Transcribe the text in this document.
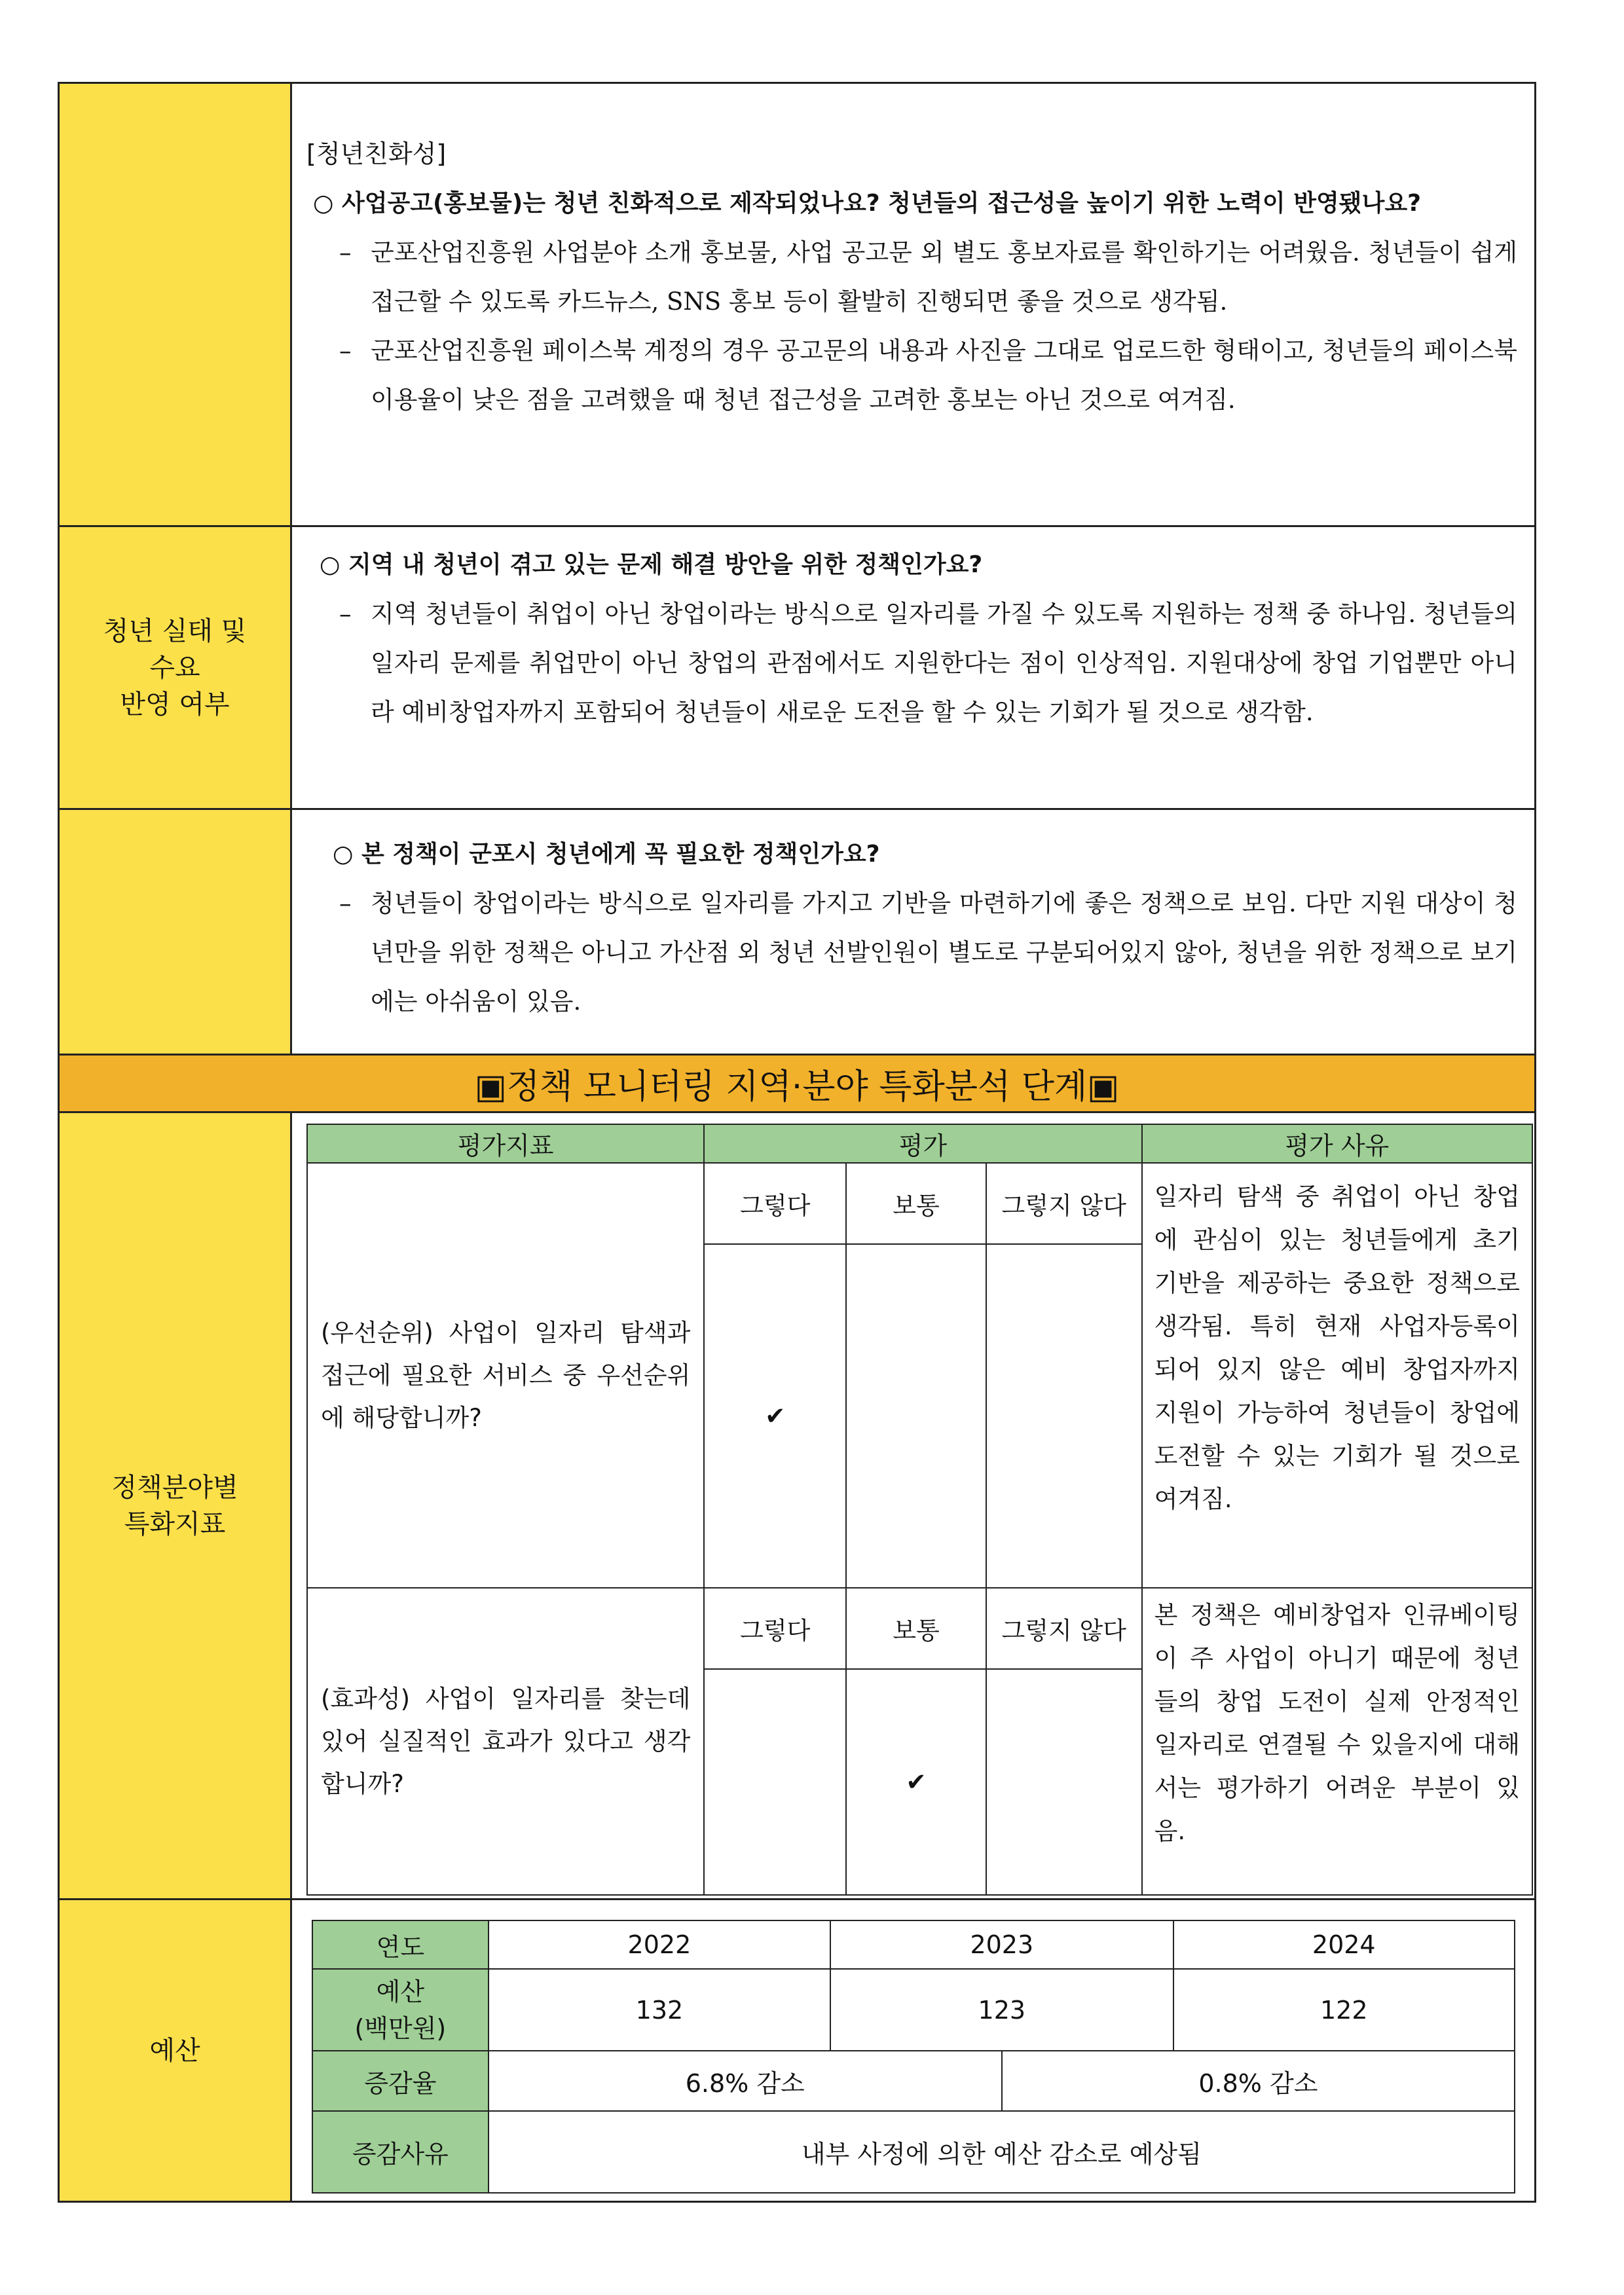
[청년친화성]
○ 사업공고(홍보물)는 청년 친화적으로 제작되었나요? 청년들의 접근성을 높이기 위한 노력이 반영됐나요?
– 군포산업진흥원 사업분야 소개 홍보물, 사업 공고문 외 별도 홍보자료를 확인하기는 어려웠음. 청년들이 쉽게 접근할 수 있도록 카드뉴스, SNS 홍보 등이 활발히 진행되면 좋을 것으로 생각됨.
– 군포산업진흥원 페이스북 계정의 경우 공고문의 내용과 사진을 그대로 업로드한 형태이고, 청년들의 페이스북 이용율이 낮은 점을 고려했을 때 청년 접근성을 고려한 홍보는 아닌 것으로 여겨짐.
청년 실태 및
수요
반영 여부
○ 지역 내 청년이 겪고 있는 문제 해결 방안을 위한 정책인가요?
– 지역 청년들이 취업이 아닌 창업이라는 방식으로 일자리를 가질 수 있도록 지원하는 정책 중 하나임. 청년들의 일자리 문제를 취업만이 아닌 창업의 관점에서도 지원한다는 점이 인상적임. 지원대상에 창업 기업뿐만 아니라 예비창업자까지 포함되어 청년들이 새로운 도전을 할 수 있는 기회가 될 것으로 생각함.
○ 본 정책이 군포시 청년에게 꼭 필요한 정책인가요?
– 청년들이 창업이라는 방식으로 일자리를 가지고 기반을 마련하기에 좋은 정책으로 보임. 다만 지원 대상이 청년만을 위한 정책은 아니고 가산점 외 청년 선발인원이 별도로 구분되어있지 않아, 청년을 위한 정책으로 보기에는 아쉬움이 있음.
▣정책 모니터링 지역·분야 특화분석 단계▣
정책분야별
특화지표
평가지표	평가			평가 사유
(우선순위) 사업이 일자리 탐색과 접근에 필요한 서비스 중 우선순위에 해당합니까?	그렇다	보통	그렇지 않다	일자리 탐색 중 취업이 아닌 창업에 관심이 있는 청년들에게 초기 기반을 제공하는 중요한 정책으로 생각됨. 특히 현재 사업자등록이 되어 있지 않은 예비 창업자까지 지원이 가능하여 청년들이 창업에 도전할 수 있는 기회가 될 것으로 여겨짐.
	✔			
(효과성) 사업이 일자리를 찾는데 있어 실질적인 효과가 있다고 생각합니까?	그렇다	보통	그렇지 않다	본 정책은 예비창업자 인큐베이팅이 주 사업이 아니기 때문에 청년들의 창업 도전이 실제 안정적인 일자리로 연결될 수 있을지에 대해서는 평가하기 어려운 부분이 있음.
		✔		
예산
연도	2022	2023		2024
예산
(백만원)	132	123		122
증감율	6.8% 감소		0.8% 감소	
증감사유	내부 사정에 의한 예산 감소로 예상됨			
